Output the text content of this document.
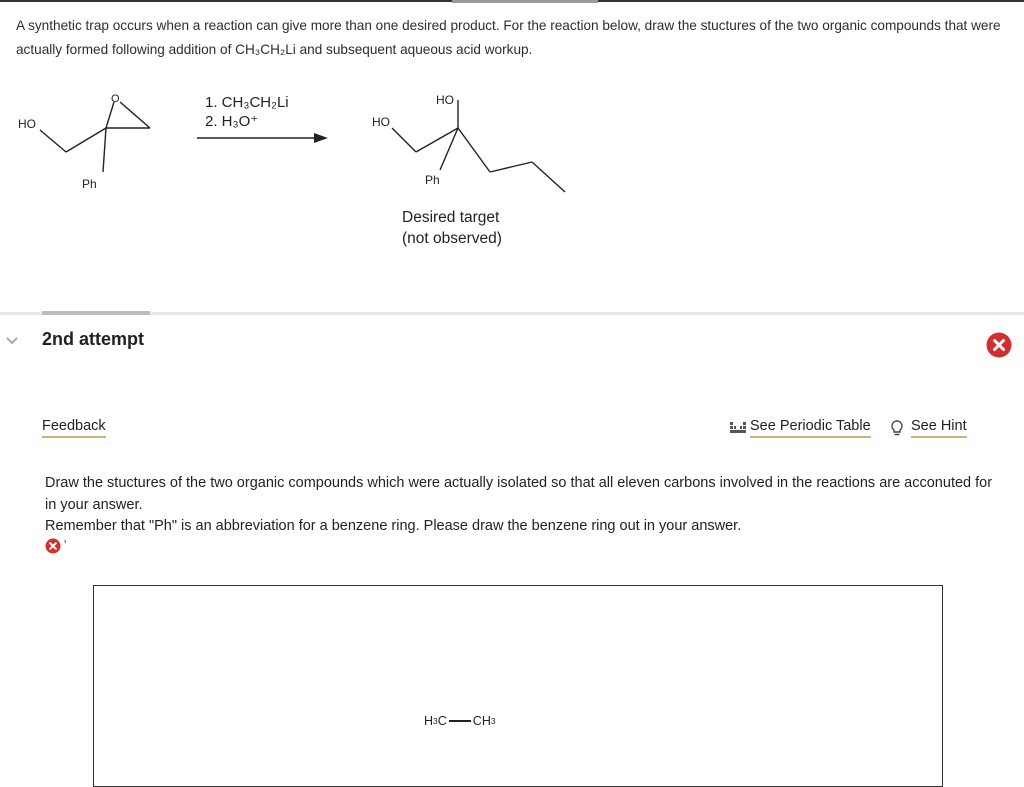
A synthetic trap occurs when a reaction can give more than one desired product. For the reaction below, draw the stuctures of the two organic compounds that were actually formed following addition of CH₃CH₂Li and subsequent aqueous acid workup.
HO
O
Ph
1. CH₃CH₂Li
2. H₃O⁺
HO
HO
Ph
Desired target
(not observed)
2nd attempt
Feedback	See Periodic Table	See Hint

Draw the stuctures of the two organic compounds which were actually isolated so that all eleven carbons involved in the reactions are acconuted for in your answer.

Remember that "Ph" is an abbreviation for a benzene ring. Please draw the benzene ring out in your answer.

'
H 3 C CH 3
